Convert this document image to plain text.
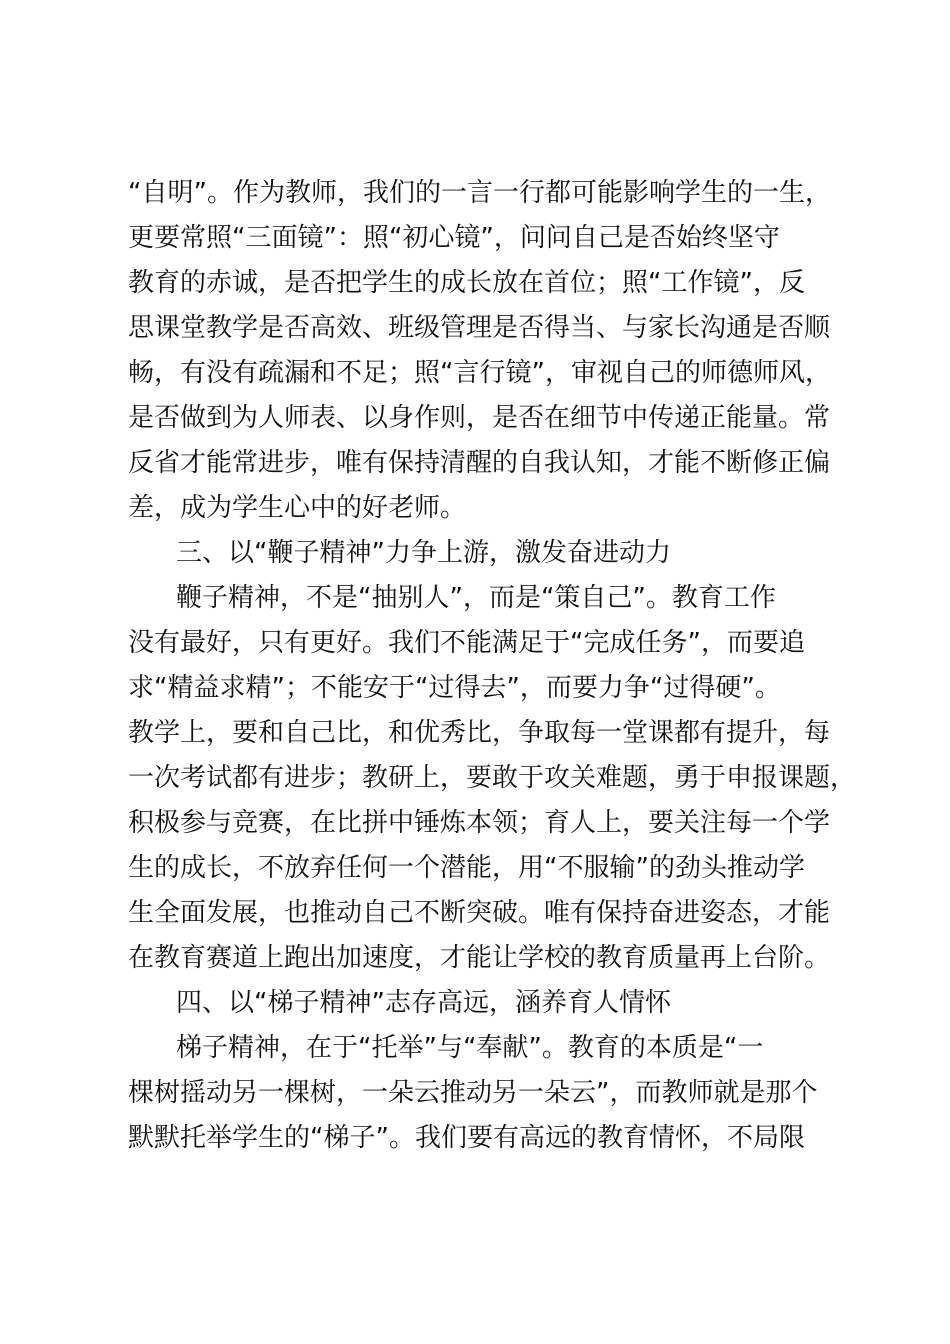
“自明”。作为教师，我们的一言一行都可能影响学生的一生，
更要常照“三面镜”：照“初心镜”，问问自己是否始终坚守
教育的赤诚，是否把学生的成长放在首位；照“工作镜”，反
思课堂教学是否高效、班级管理是否得当、与家长沟通是否顺
畅，有没有疏漏和不足；照“言行镜”，审视自己的师德师风，
是否做到为人师表、以身作则，是否在细节中传递正能量。常
反省才能常进步，唯有保持清醒的自我认知，才能不断修正偏
差，成为学生心中的好老师。
三、以“鞭子精神”力争上游，激发奋进动力
鞭子精神，不是“抽别人”，而是“策自己”。教育工作
没有最好，只有更好。我们不能满足于“完成任务”，而要追
求“精益求精”；不能安于“过得去”，而要力争“过得硬”。
教学上，要和自己比，和优秀比，争取每一堂课都有提升，每
一次考试都有进步；教研上，要敢于攻关难题，勇于申报课题，
积极参与竞赛，在比拼中锤炼本领；育人上，要关注每一个学
生的成长，不放弃任何一个潜能，用“不服输”的劲头推动学
生全面发展，也推动自己不断突破。唯有保持奋进姿态，才能
在教育赛道上跑出加速度，才能让学校的教育质量再上台阶。
四、以“梯子精神”志存高远，涵养育人情怀
梯子精神，在于“托举”与“奉献”。教育的本质是“一
棵树摇动另一棵树，一朵云推动另一朵云”，而教师就是那个
默默托举学生的“梯子”。我们要有高远的教育情怀，不局限
